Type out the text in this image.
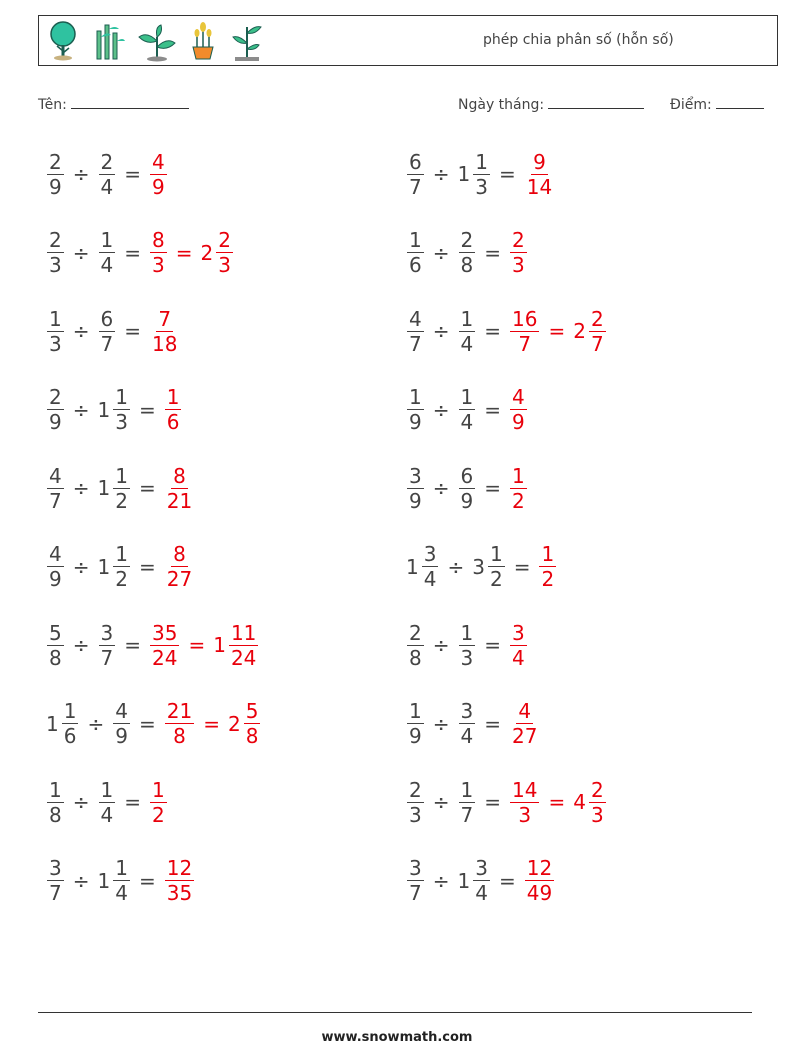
phép chia phân số (hỗn số)
Tên:	Ngày tháng:	Điểm:
$\frac{2}{9} \div \frac{2}{4} = \frac{4}{9}$	$\frac{6}{7} \div 1 \frac{1}{3} = \frac{9}{14}$
$\frac{2}{3} \div \frac{1}{4} = \frac{8}{3} = 2 \frac{2}{3}$	$\frac{1}{6} \div \frac{2}{8} = \frac{2}{3}$
$\frac{1}{3} \div \frac{6}{7} = \frac{7}{18}$	$\frac{4}{7} \div \frac{1}{4} = \frac{16}{7} = 2 \frac{2}{7}$
$\frac{2}{9} \div 1 \frac{1}{3} = \frac{1}{6}$	$\frac{1}{9} \div \frac{1}{4} = \frac{4}{9}$
$\frac{4}{7} \div 1 \frac{1}{2} = \frac{8}{21}$	$\frac{3}{9} \div \frac{6}{9} = \frac{1}{2}$
$\frac{4}{9} \div 1 \frac{1}{2} = \frac{8}{27}$	$1 \frac{3}{4} \div 3 \frac{1}{2} = \frac{1}{2}$
$\frac{5}{8} \div \frac{3}{7} = \frac{35}{24} = 1 \frac{11}{24}$	$\frac{2}{8} \div \frac{1}{3} = \frac{3}{4}$
$1 \frac{1}{6} \div \frac{4}{9} = \frac{21}{8} = 2 \frac{5}{8}$	$\frac{1}{9} \div \frac{3}{4} = \frac{4}{27}$
$\frac{1}{8} \div \frac{1}{4} = \frac{1}{2}$	$\frac{2}{3} \div \frac{1}{7} = \frac{14}{3} = 4 \frac{2}{3}$
$\frac{3}{7} \div 1 \frac{1}{4} = \frac{12}{35}$	$\frac{3}{7} \div 1 \frac{3}{4} = \frac{12}{49}$
www.snowmath.com
